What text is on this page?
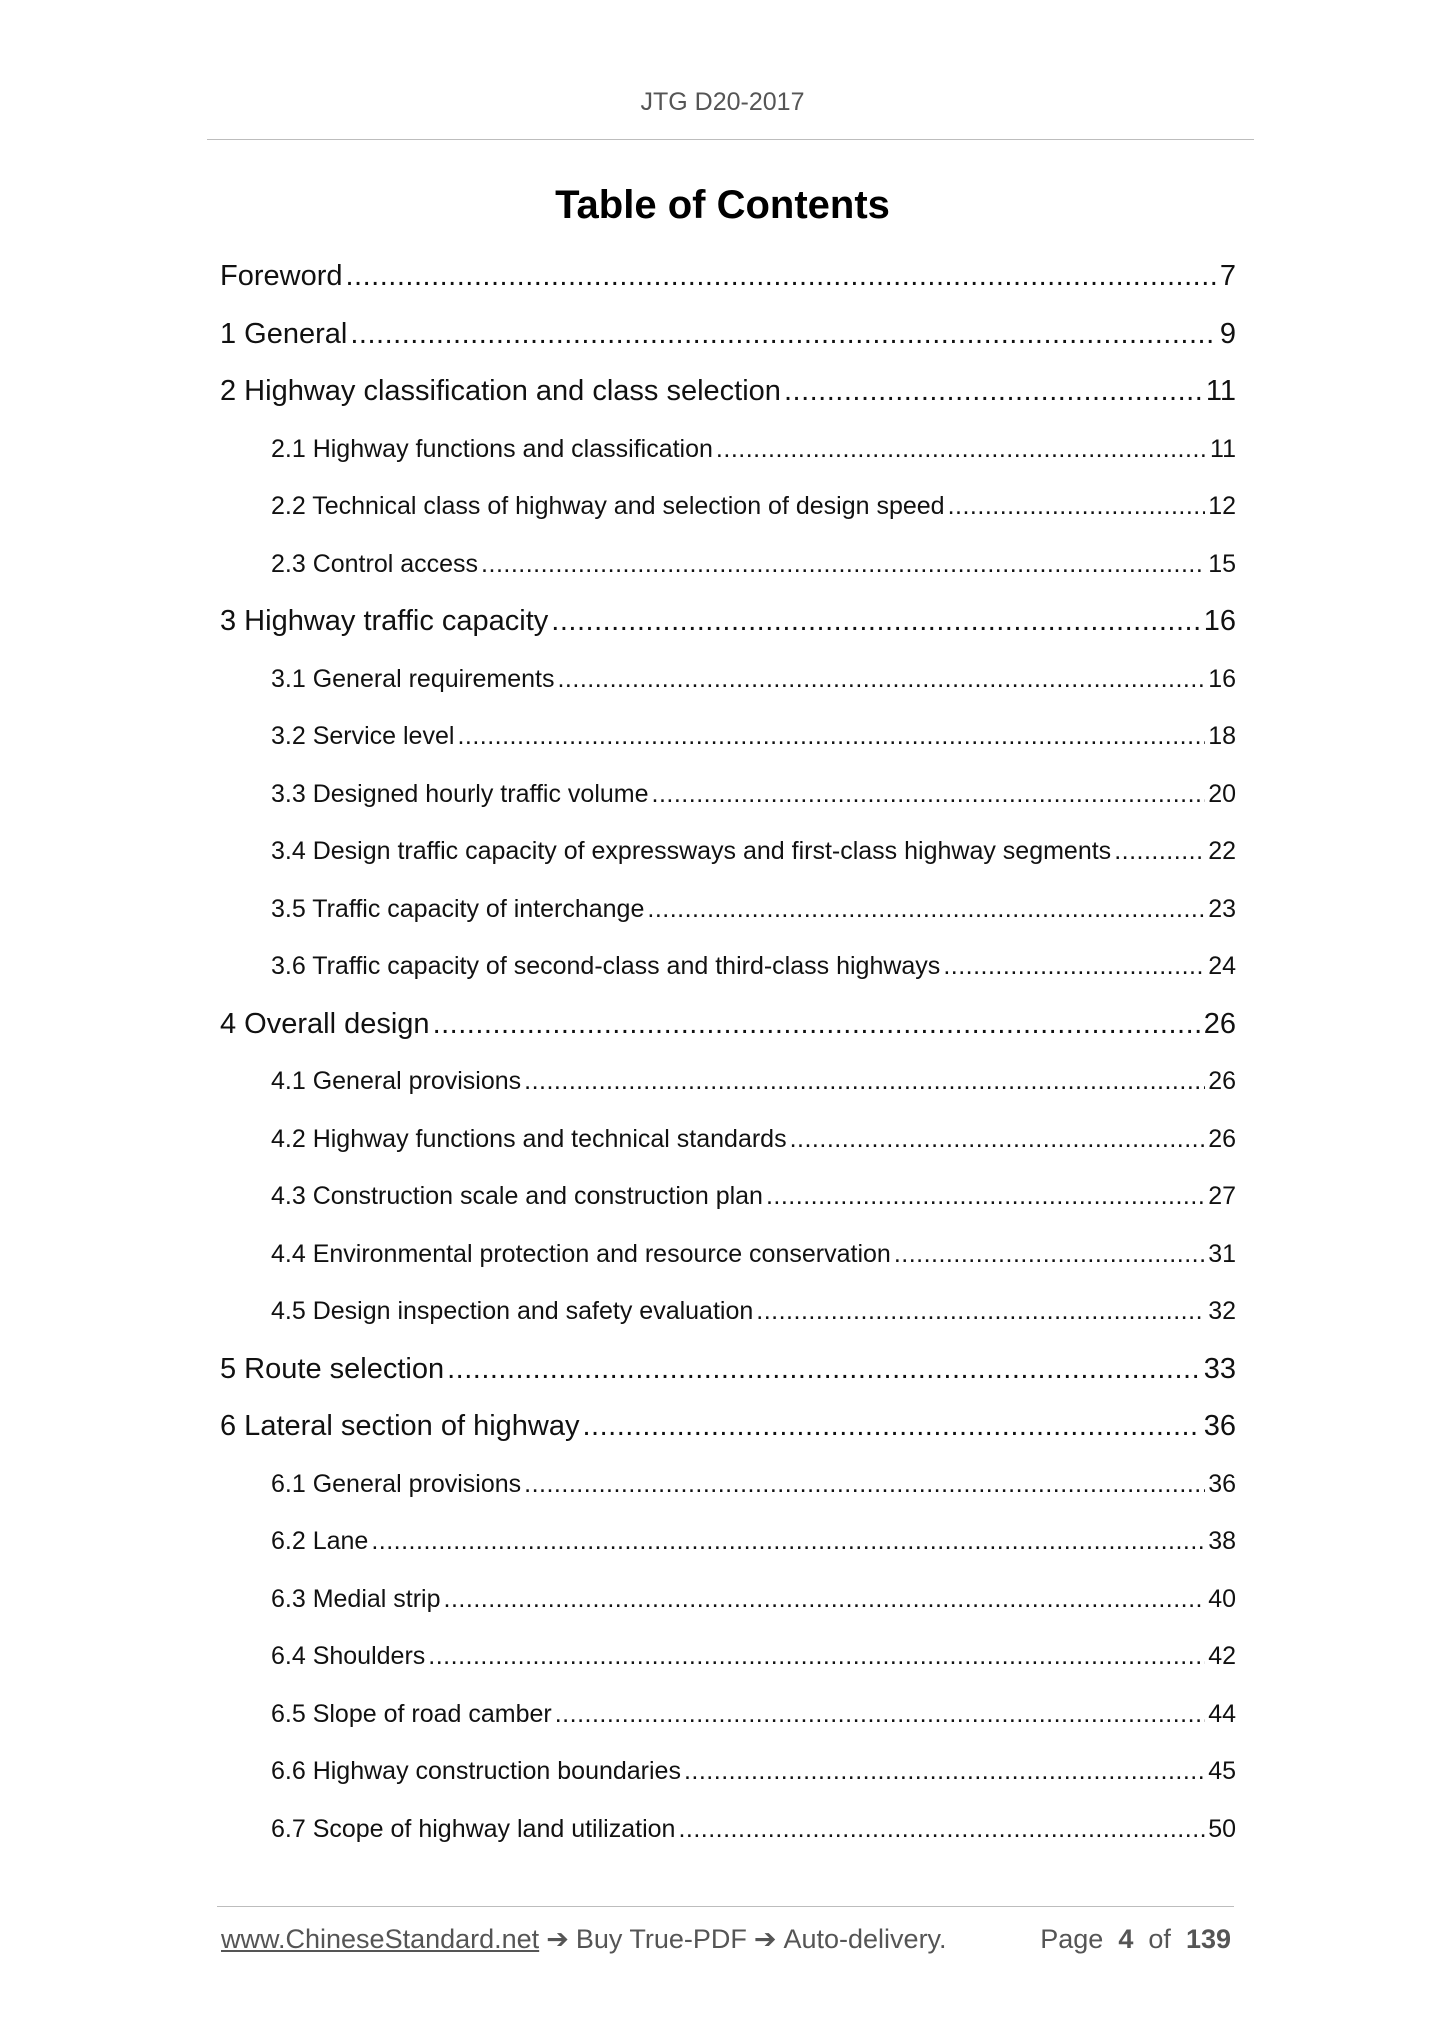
JTG D20-2017
Table of Contents
Foreword .....	7
1 General .....	9
2 Highway classification and class selection .....	11
2.1 Highway functions and classification .....	11
2.2 Technical class of highway and selection of design speed .....	12
2.3 Control access .....	15
3 Highway traffic capacity .....	16
3.1 General requirements .....	16
3.2 Service level .....	18
3.3 Designed hourly traffic volume .....	20
3.4 Design traffic capacity of expressways and first-class highway segments .....	22
3.5 Traffic capacity of interchange .....	23
3.6 Traffic capacity of second-class and third-class highways .....	24
4 Overall design .....	26
4.1 General provisions .....	26
4.2 Highway functions and technical standards .....	26
4.3 Construction scale and construction plan .....	27
4.4 Environmental protection and resource conservation .....	31
4.5 Design inspection and safety evaluation .....	32
5 Route selection .....	33
6 Lateral section of highway .....	36
6.1 General provisions .....	36
6.2 Lane .....	38
6.3 Medial strip .....	40
6.4 Shoulders .....	42
6.5 Slope of road camber .....	44
6.6 Highway construction boundaries .....	45
6.7 Scope of highway land utilization .....	50
www.ChineseStandard.net ➔ Buy True-PDF ➔ Auto-delivery.	Page 4 of 139
